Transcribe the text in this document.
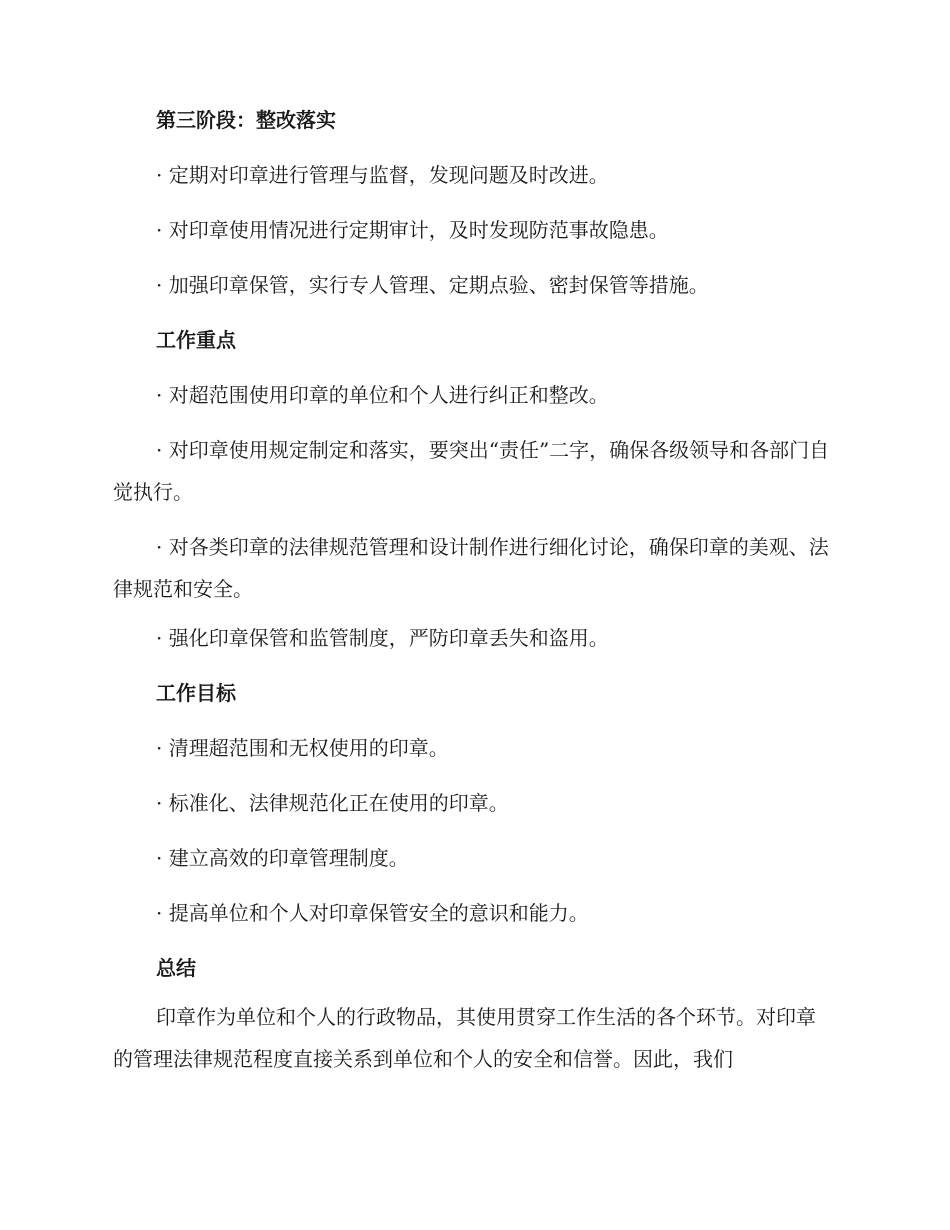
第三阶段：整改落实

· 定期对印章进行管理与监督，发现问题及时改进。

· 对印章使用情况进行定期审计，及时发现防范事故隐患。

· 加强印章保管，实行专人管理、定期点验、密封保管等措施。

工作重点

· 对超范围使用印章的单位和个人进行纠正和整改。

· 对印章使用规定制定和落实，要突出“责任”二字，确保各级领导和各部门自觉执行。

· 对各类印章的法律规范管理和设计制作进行细化讨论，确保印章的美观、法律规范和安全。

· 强化印章保管和监管制度，严防印章丢失和盗用。

工作目标

· 清理超范围和无权使用的印章。

· 标准化、法律规范化正在使用的印章。

· 建立高效的印章管理制度。

· 提高单位和个人对印章保管安全的意识和能力。

总结

印章作为单位和个人的行政物品，其使用贯穿工作生活的各个环节。对印章的管理法律规范程度直接关系到单位和个人的安全和信誉。因此，我们
